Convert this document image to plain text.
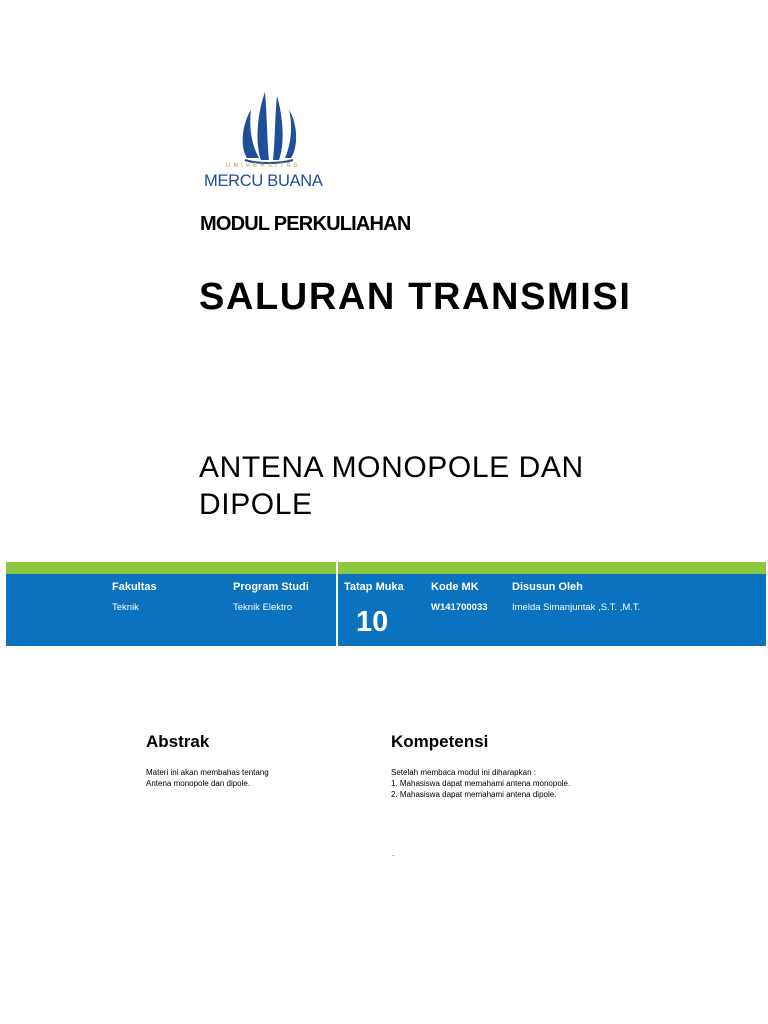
UNIVERSITAS
MERCU BUANA
MODUL PERKULIAHAN
SALURAN TRANSMISI
ANTENA MONOPOLE DAN DIPOLE
Fakultas
Teknik
Program Studi
Teknik Elektro
Tatap Muka
10
Kode MK
W141700033
Disusun Oleh
Imelda Simanjuntak ,S.T. ,M.T.
Abstrak
Materi ini akan membahas tentang
Antena monopole dan dipole.
Kompetensi
Setelah membaca modul ini diharapkan :
1. Mahasiswa dapat memahami antena monopole.
2. Mahasiswa dapat memahami antena dipole.
.
